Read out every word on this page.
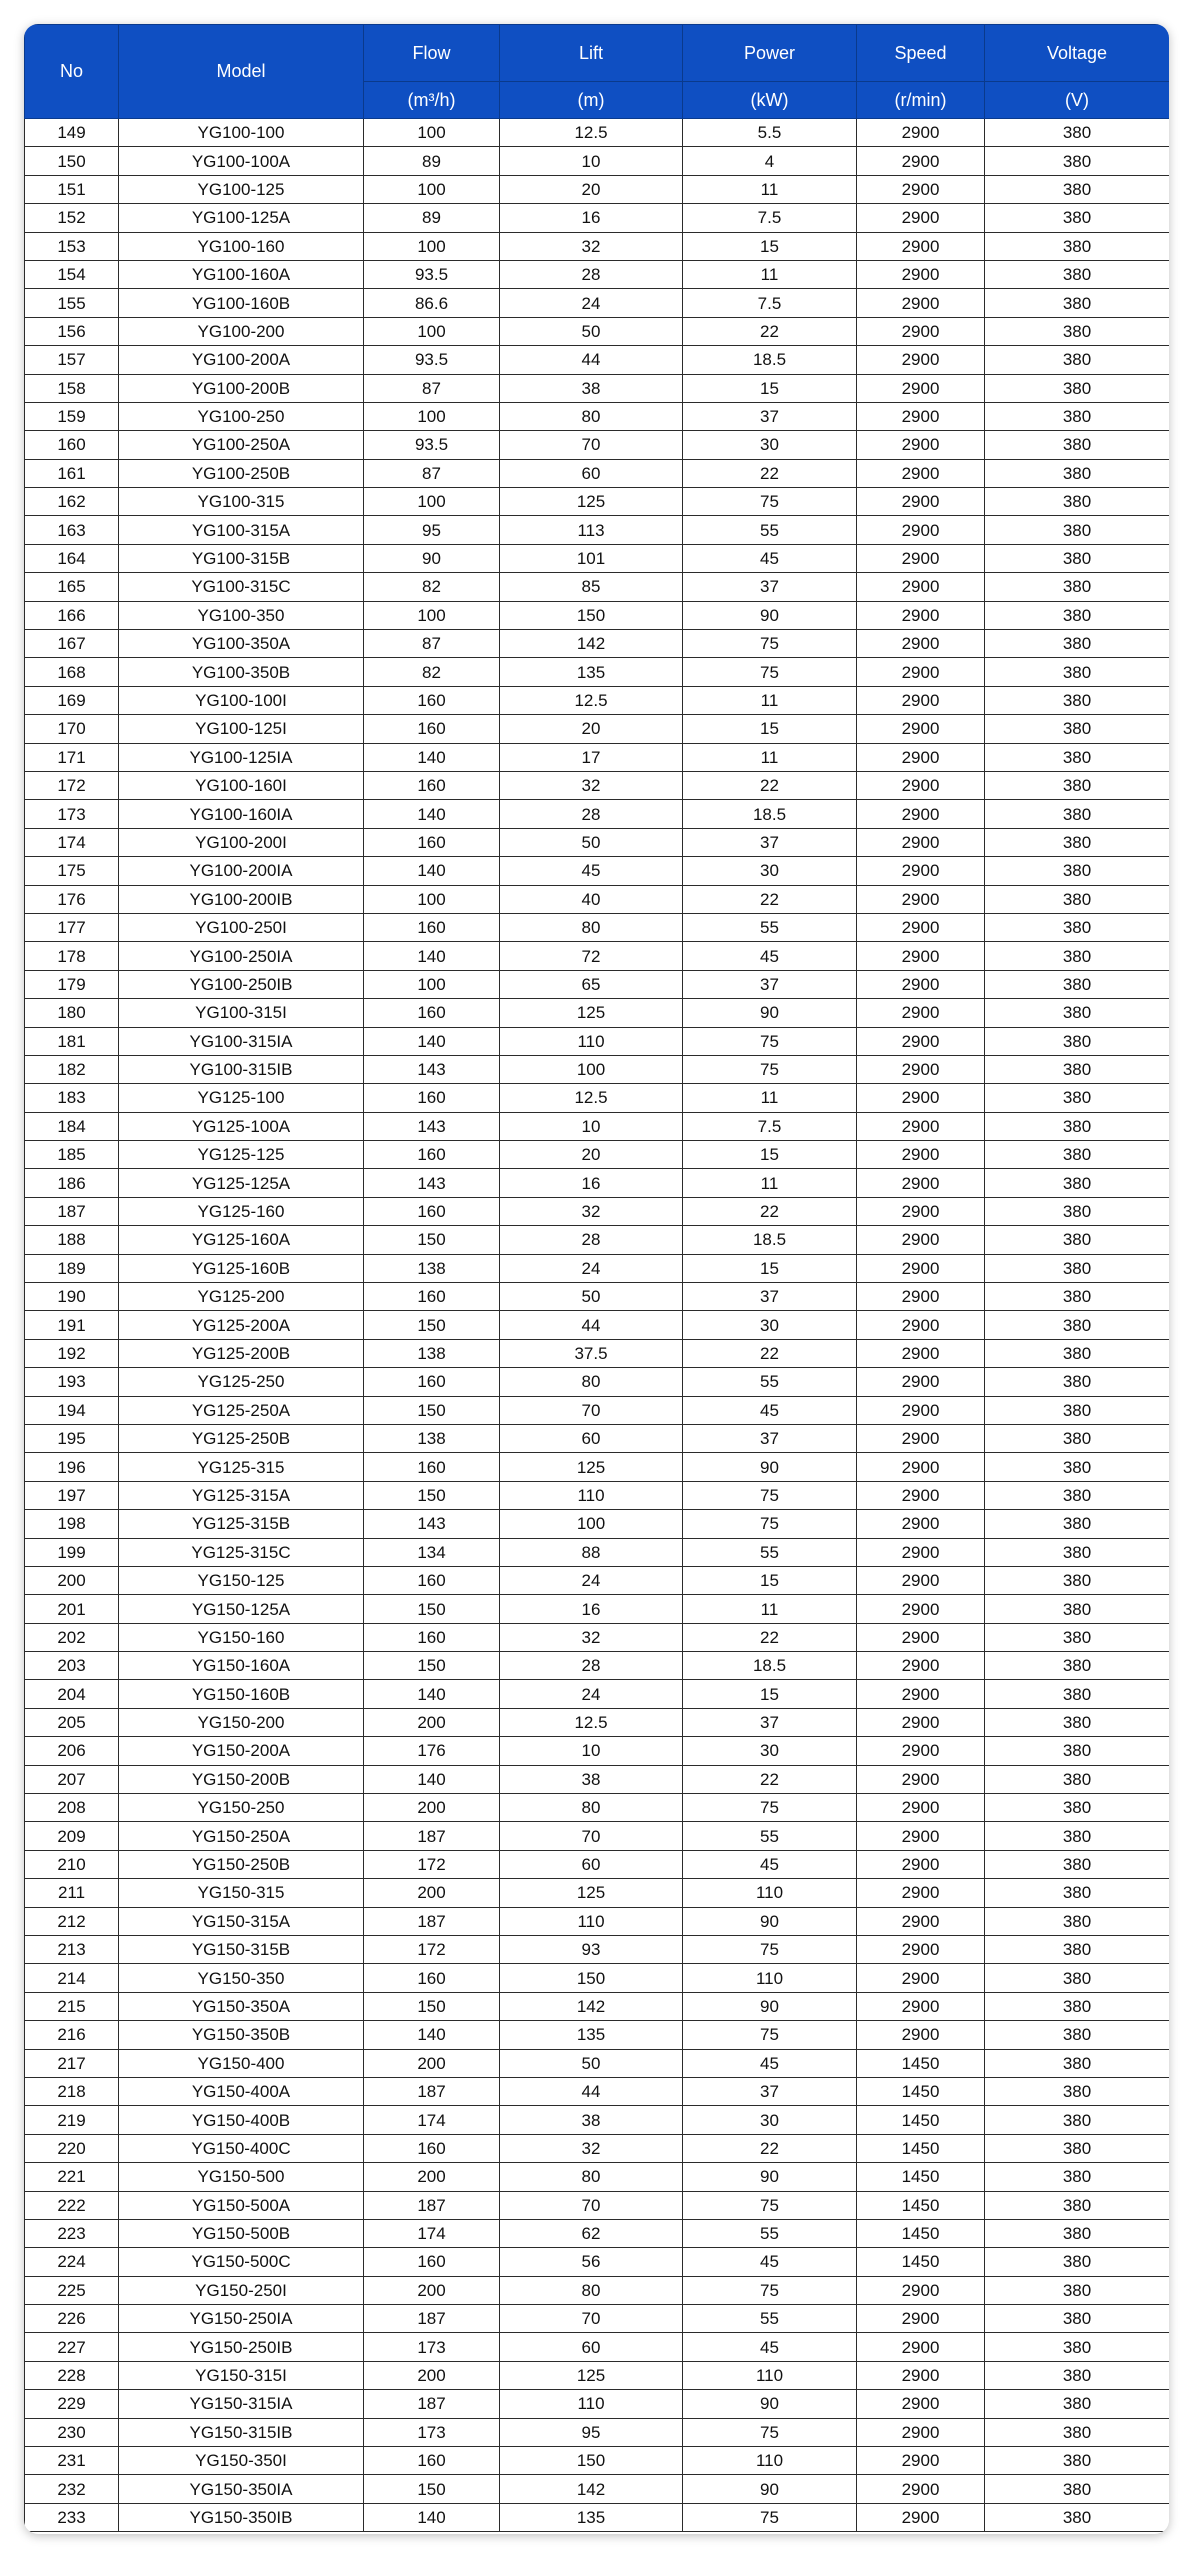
No	Model	Flow	Lift	Power	Speed	Voltage
		(m³/h)	(m)	(kW)	(r/min)	(V)
149	YG100-100	100	12.5	5.5	2900	380
150	YG100-100A	89	10	4	2900	380
151	YG100-125	100	20	11	2900	380
152	YG100-125A	89	16	7.5	2900	380
153	YG100-160	100	32	15	2900	380
154	YG100-160A	93.5	28	11	2900	380
155	YG100-160B	86.6	24	7.5	2900	380
156	YG100-200	100	50	22	2900	380
157	YG100-200A	93.5	44	18.5	2900	380
158	YG100-200B	87	38	15	2900	380
159	YG100-250	100	80	37	2900	380
160	YG100-250A	93.5	70	30	2900	380
161	YG100-250B	87	60	22	2900	380
162	YG100-315	100	125	75	2900	380
163	YG100-315A	95	113	55	2900	380
164	YG100-315B	90	101	45	2900	380
165	YG100-315C	82	85	37	2900	380
166	YG100-350	100	150	90	2900	380
167	YG100-350A	87	142	75	2900	380
168	YG100-350B	82	135	75	2900	380
169	YG100-100I	160	12.5	11	2900	380
170	YG100-125I	160	20	15	2900	380
171	YG100-125IA	140	17	11	2900	380
172	YG100-160I	160	32	22	2900	380
173	YG100-160IA	140	28	18.5	2900	380
174	YG100-200I	160	50	37	2900	380
175	YG100-200IA	140	45	30	2900	380
176	YG100-200IB	100	40	22	2900	380
177	YG100-250I	160	80	55	2900	380
178	YG100-250IA	140	72	45	2900	380
179	YG100-250IB	100	65	37	2900	380
180	YG100-315I	160	125	90	2900	380
181	YG100-315IA	140	110	75	2900	380
182	YG100-315IB	143	100	75	2900	380
183	YG125-100	160	12.5	11	2900	380
184	YG125-100A	143	10	7.5	2900	380
185	YG125-125	160	20	15	2900	380
186	YG125-125A	143	16	11	2900	380
187	YG125-160	160	32	22	2900	380
188	YG125-160A	150	28	18.5	2900	380
189	YG125-160B	138	24	15	2900	380
190	YG125-200	160	50	37	2900	380
191	YG125-200A	150	44	30	2900	380
192	YG125-200B	138	37.5	22	2900	380
193	YG125-250	160	80	55	2900	380
194	YG125-250A	150	70	45	2900	380
195	YG125-250B	138	60	37	2900	380
196	YG125-315	160	125	90	2900	380
197	YG125-315A	150	110	75	2900	380
198	YG125-315B	143	100	75	2900	380
199	YG125-315C	134	88	55	2900	380
200	YG150-125	160	24	15	2900	380
201	YG150-125A	150	16	11	2900	380
202	YG150-160	160	32	22	2900	380
203	YG150-160A	150	28	18.5	2900	380
204	YG150-160B	140	24	15	2900	380
205	YG150-200	200	12.5	37	2900	380
206	YG150-200A	176	10	30	2900	380
207	YG150-200B	140	38	22	2900	380
208	YG150-250	200	80	75	2900	380
209	YG150-250A	187	70	55	2900	380
210	YG150-250B	172	60	45	2900	380
211	YG150-315	200	125	110	2900	380
212	YG150-315A	187	110	90	2900	380
213	YG150-315B	172	93	75	2900	380
214	YG150-350	160	150	110	2900	380
215	YG150-350A	150	142	90	2900	380
216	YG150-350B	140	135	75	2900	380
217	YG150-400	200	50	45	1450	380
218	YG150-400A	187	44	37	1450	380
219	YG150-400B	174	38	30	1450	380
220	YG150-400C	160	32	22	1450	380
221	YG150-500	200	80	90	1450	380
222	YG150-500A	187	70	75	1450	380
223	YG150-500B	174	62	55	1450	380
224	YG150-500C	160	56	45	1450	380
225	YG150-250I	200	80	75	2900	380
226	YG150-250IA	187	70	55	2900	380
227	YG150-250IB	173	60	45	2900	380
228	YG150-315I	200	125	110	2900	380
229	YG150-315IA	187	110	90	2900	380
230	YG150-315IB	173	95	75	2900	380
231	YG150-350I	160	150	110	2900	380
232	YG150-350IA	150	142	90	2900	380
233	YG150-350IB	140	135	75	2900	380
